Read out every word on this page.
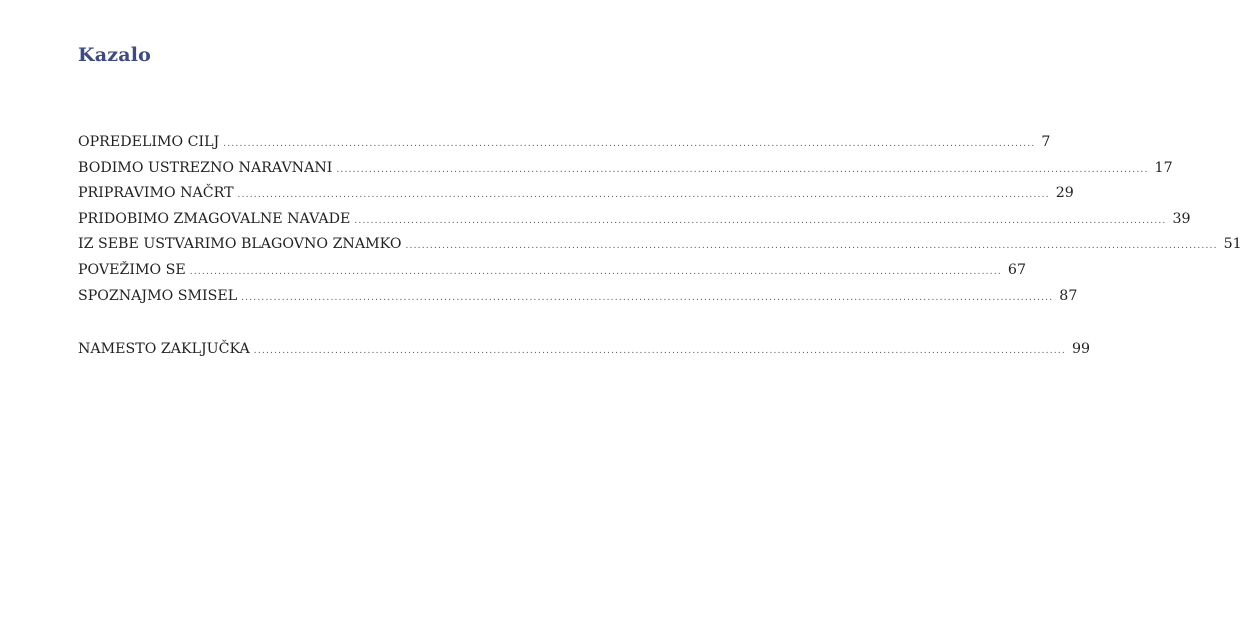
Kazalo
OPREDELIMO CILJ ........................................................................................................................................................................................................ 7
BODIMO USTREZNO NARAVNANI ........................................................................................................................................................................................................ 17
PRIPRAVIMO NAČRT ........................................................................................................................................................................................................ 29
PRIDOBIMO ZMAGOVALNE NAVADE ........................................................................................................................................................................................................ 39
IZ SEBE USTVARIMO BLAGOVNO ZNAMKO ........................................................................................................................................................................................................ 51
POVEŽIMO SE ........................................................................................................................................................................................................ 67
SPOZNAJMO SMISEL ........................................................................................................................................................................................................ 87
NAMESTO ZAKLJUČKA ........................................................................................................................................................................................................ 99
